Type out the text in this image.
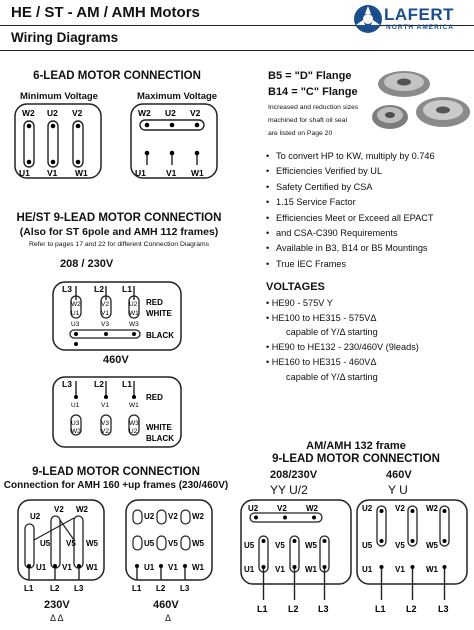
HE / ST - AM / AMH Motors
Wiring Diagrams
LAFERT
NORTH AMERICA
6-LEAD MOTOR CONNECTION
Minimum Voltage	Maximum Voltage
W2 U2 V2
U1 V1 W1
W2 U2 V2
U1 V1 W1
B5 = "D" Flange
B14 = "C" Flange
Increased and reduction sizes
machined for shaft oil seal
are listed on Page 20
• To convert HP to KW, multiply by 0.746
• Efficiencies Verified by UL
• Safety Certified by CSA
• 1.15 Service Factor
• Efficiencies Meet or Exceed all EPACT
• and CSA-C390 Requirements
• Available in B3, B14 or B5 Mountings
• True IEC Frames
HE/ST 9-LEAD MOTOR CONNECTION
(Also for ST 6pole and AMH 112 frames)
Refer to pages 17 and 22 for different Connection Diagrams
208 / 230V
L3	L2 L1
W2	V2	U2
U1	V1	W1
U3	V3	W3
RED
WHITE
BLACK
460V
L3	L2 L1
U1	V1	W1
U3	V3	W3
W2	V2	U2
RED
WHITE
BLACK
VOLTAGES
• HE90 - 575V Y
• HE100 to HE315 - 575VΔ
capable of Y/Δ starting
• HE90 to HE132 - 230/460V (9leads)
• HE160 to HE315 - 460VΔ
capable of Y/Δ starting
9-LEAD MOTOR CONNECTION
Connection for AMH 160 +up frames (230/460V)
U2
V2 W2
U5 V5 W5
U1 V1 W1
L1 L2 L3
U2 V2 W2
U5 V5 W5
U1 V1 W1
L1 L2 L3
230V
Δ Δ
460V
Δ
AM/AMH 132 frame
9-LEAD MOTOR CONNECTION
208/230V
YY U/2
460V
Y U
U2 V2 W2
U5	V5	W5
U1	V1	W1
L1 L2 L3
U2	V2	W2
U5	V5	W5
U1	V1	W1
L1 L2 L3
